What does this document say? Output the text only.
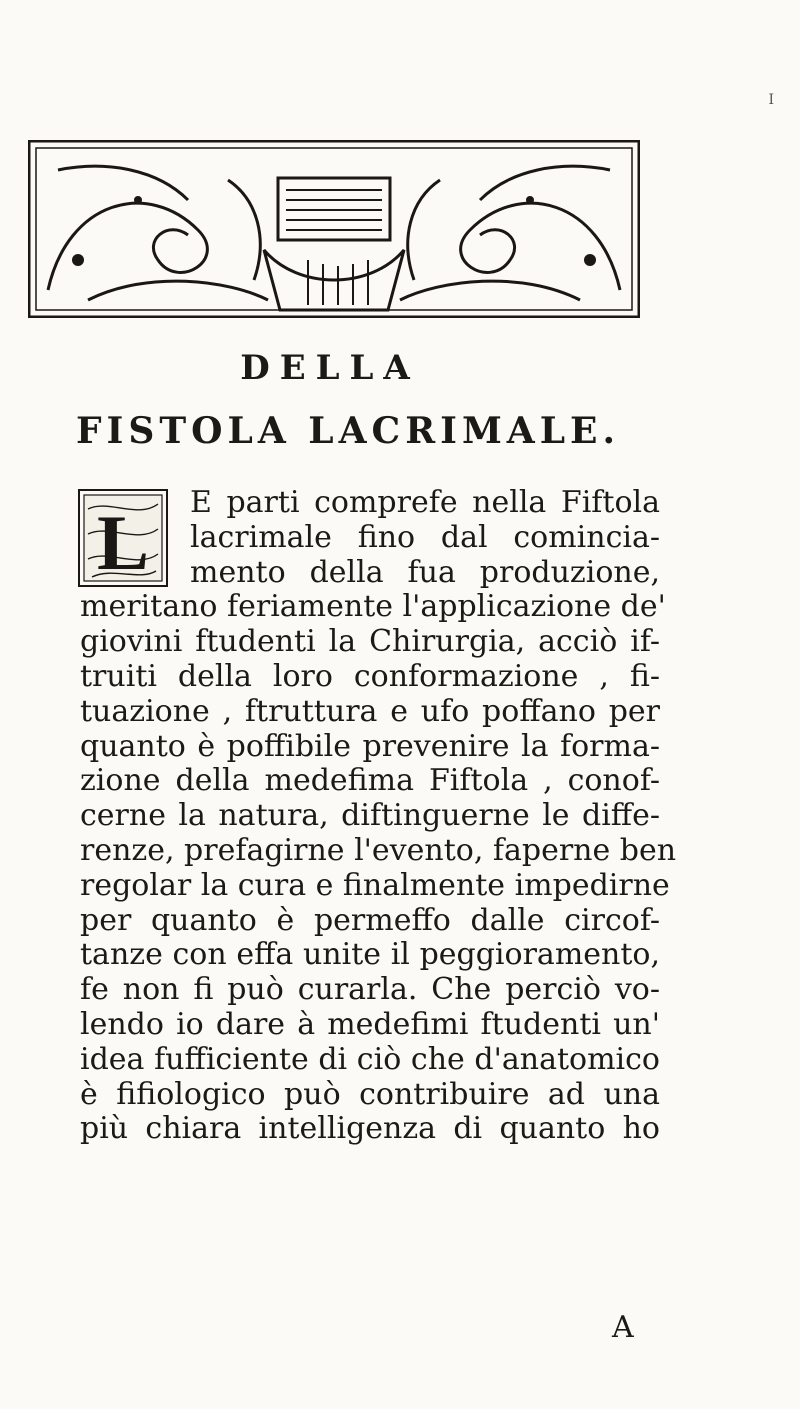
I
DELLA
FISTOLA LACRIMALE.
L	E parti comprefe nella Fiftola
lacrimale fino dal comincia-
mento della fua produzione,
meritano feriamente l'applicazione de'
giovini ftudenti la Chirurgia, acciò if-
truiti della loro conformazione , fi-
tuazione , ftruttura e ufo poffano per
quanto è poffibile prevenire la forma-
zione della medefima Fiftola , conof-
cerne la natura, diftinguerne le diffe-
renze, prefagirne l'evento, faperne ben
regolar la cura e finalmente impedirne
per quanto è permeffo dalle circof-
tanze con effa unite il peggioramento,
fe non fi può curarla. Che perciò vo-
lendo io dare à medefimi ftudenti un'
idea fufficiente di ciò che d'anatomico
è fifiologico può contribuire ad una
più chiara intelligenza di quanto ho
A
